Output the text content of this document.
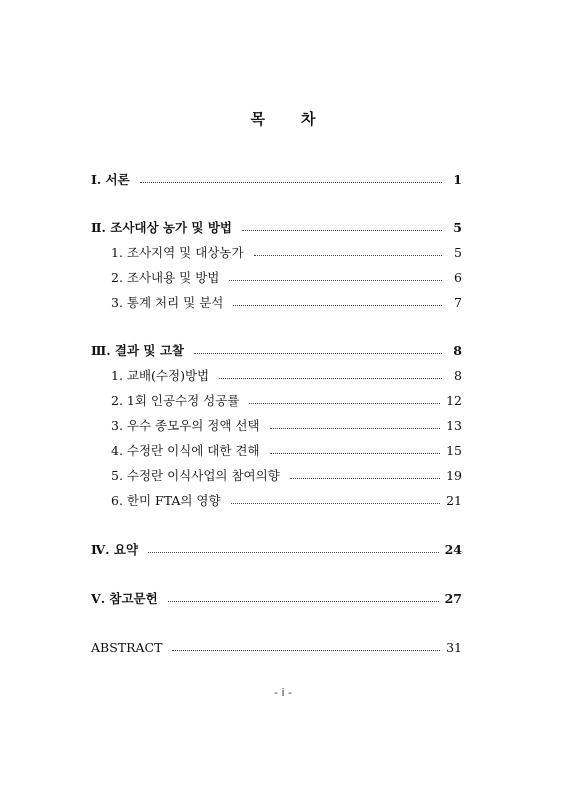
목 차
Ⅰ. 서론	1
Ⅱ. 조사대상 농가 및 방법	5
1. 조사지역 및 대상농가	5
2. 조사내용 및 방법	6
3. 통계 처리 및 분석	7
Ⅲ. 결과 및 고찰	8
1. 교배(수정)방법	8
2. 1회 인공수정 성공률	12
3. 우수 종모우의 정액 선택	13
4. 수정란 이식에 대한 견해	15
5. 수정란 이식사업의 참여의향	19
6. 한미 FTA의 영향	21
Ⅳ. 요약	24
Ⅴ. 참고문헌	27
ABSTRACT	31
- i -
